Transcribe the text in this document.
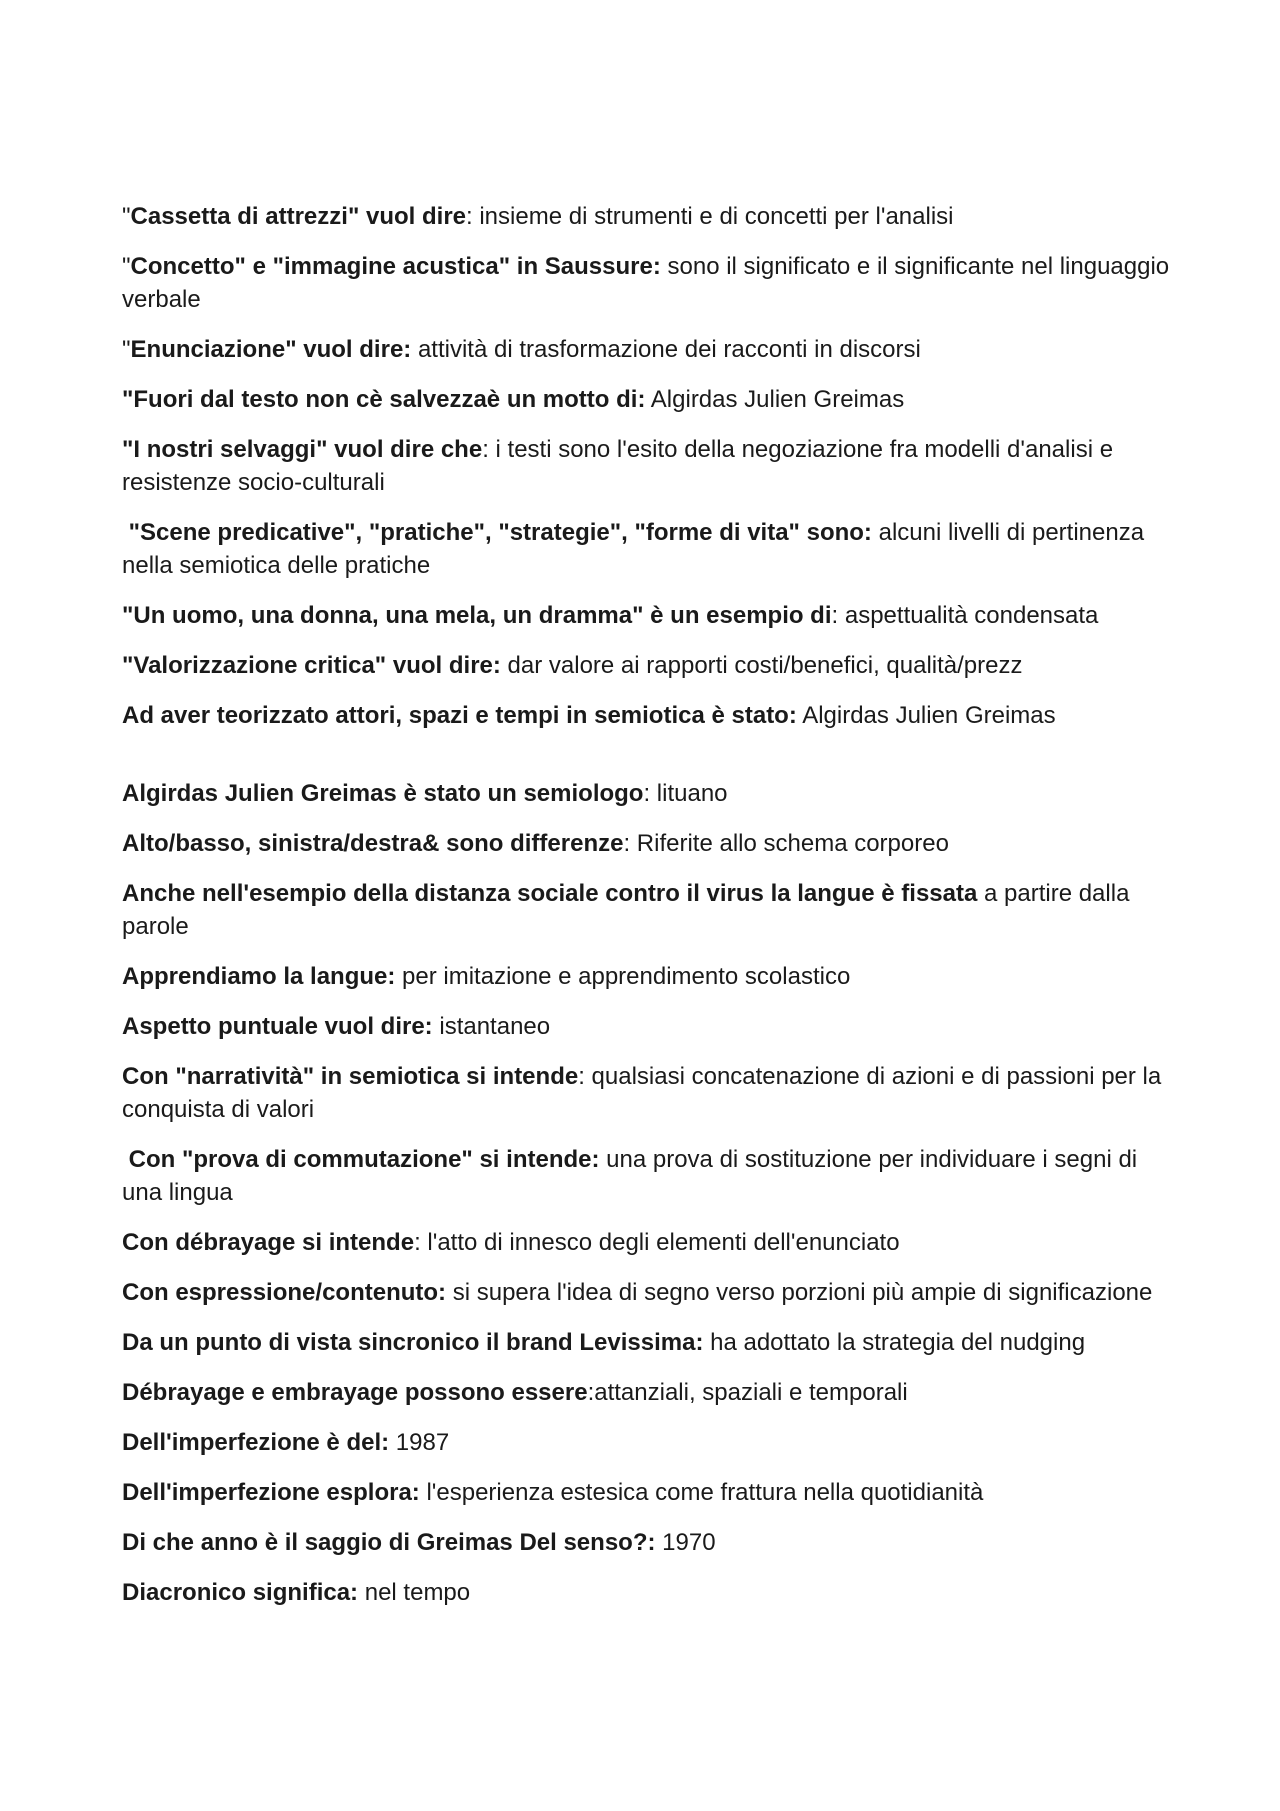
"Cassetta di attrezzi" vuol dire: insieme di strumenti e di concetti per l'analisi

"Concetto" e "immagine acustica" in Saussure: sono il significato e il significante nel linguaggio verbale

"Enunciazione" vuol dire: attività di trasformazione dei racconti in discorsi

"Fuori dal testo non cè salvezzaè un motto di: Algirdas Julien Greimas

"I nostri selvaggi" vuol dire che: i testi sono l'esito della negoziazione fra modelli d'analisi e resistenze socio-culturali

"Scene predicative", "pratiche", "strategie", "forme di vita" sono: alcuni livelli di pertinenza nella semiotica delle pratiche

"Un uomo, una donna, una mela, un dramma" è un esempio di: aspettualità condensata

"Valorizzazione critica" vuol dire: dar valore ai rapporti costi/benefici, qualità/prezz

Ad aver teorizzato attori, spazi e tempi in semiotica è stato: Algirdas Julien Greimas

Algirdas Julien Greimas è stato un semiologo: lituano

Alto/basso, sinistra/destra& sono differenze: Riferite allo schema corporeo

Anche nell'esempio della distanza sociale contro il virus la langue è fissata a partire dalla parole

Apprendiamo la langue: per imitazione e apprendimento scolastico

Aspetto puntuale vuol dire: istantaneo

Con "narratività" in semiotica si intende: qualsiasi concatenazione di azioni e di passioni per la conquista di valori

Con "prova di commutazione" si intende: una prova di sostituzione per individuare i segni di una lingua

Con débrayage si intende: l'atto di innesco degli elementi dell'enunciato

Con espressione/contenuto: si supera l'idea di segno verso porzioni più ampie di significazione

Da un punto di vista sincronico il brand Levissima: ha adottato la strategia del nudging

Débrayage e embrayage possono essere:attanziali, spaziali e temporali

Dell'imperfezione è del: 1987

Dell'imperfezione esplora: l'esperienza estesica come frattura nella quotidianità

Di che anno è il saggio di Greimas Del senso?: 1970

Diacronico significa: nel tempo
